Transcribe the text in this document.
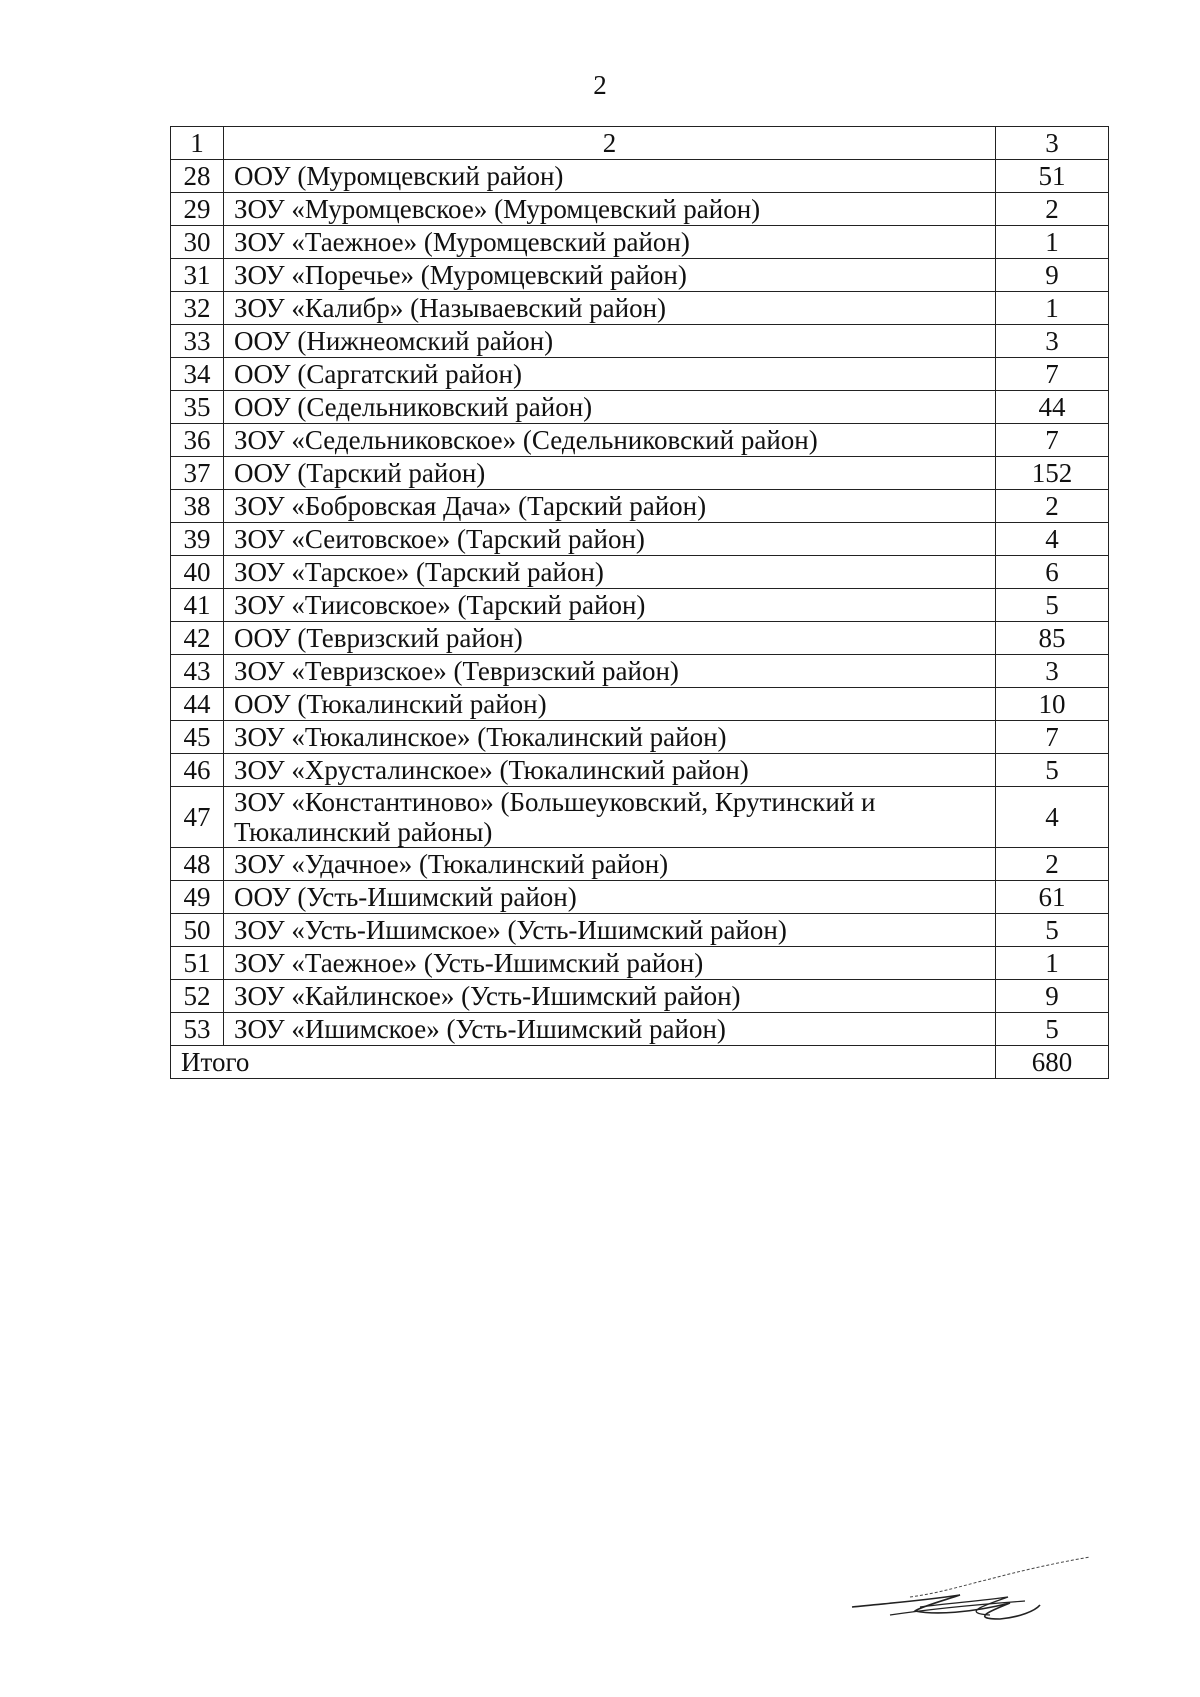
2
1	2	3
28	ООУ (Муромцевский район)	51
29	ЗОУ «Муромцевское» (Муромцевский район)	2
30	ЗОУ «Таежное» (Муромцевский район)	1
31	ЗОУ «Поречье» (Муромцевский район)	9
32	ЗОУ «Калибр» (Называевский район)	1
33	ООУ (Нижнеомский район)	3
34	ООУ (Саргатский район)	7
35	ООУ (Седельниковский район)	44
36	ЗОУ «Седельниковское» (Седельниковский район)	7
37	ООУ (Тарский район)	152
38	ЗОУ «Бобровская Дача» (Тарский район)	2
39	ЗОУ «Сеитовское» (Тарский район)	4
40	ЗОУ «Тарское» (Тарский район)	6
41	ЗОУ «Тиисовское» (Тарский район)	5
42	ООУ (Тевризский район)	85
43	ЗОУ «Тевризское» (Тевризский район)	3
44	ООУ (Тюкалинский район)	10
45	ЗОУ «Тюкалинское» (Тюкалинский район)	7
46	ЗОУ «Хрусталинское» (Тюкалинский район)	5
47	ЗОУ «Константиново» (Большеуковский, Крутинский и Тюкалинский районы)	4
48	ЗОУ «Удачное» (Тюкалинский район)	2
49	ООУ (Усть-Ишимский район)	61
50	ЗОУ «Усть-Ишимское» (Усть-Ишимский район)	5
51	ЗОУ «Таежное» (Усть-Ишимский район)	1
52	ЗОУ «Кайлинское» (Усть-Ишимский район)	9
53	ЗОУ «Ишимское» (Усть-Ишимский район)	5
Итого		680
